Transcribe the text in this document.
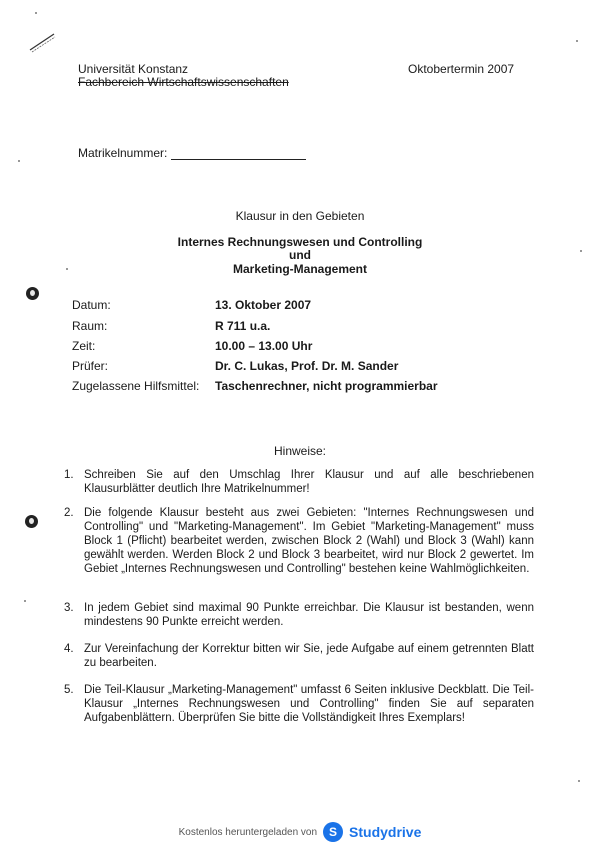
Universität Konstanz
Fachbereich Wirtschaftswissenschaften
Oktobertermin 2007
Matrikelnummer:
Klausur in den Gebieten
Internes Rechnungswesen und Controlling
und
Marketing-Management
Datum:	13. Oktober 2007
Raum:	R 711 u.a.
Zeit:	10.00 – 13.00 Uhr
Prüfer:	Dr. C. Lukas, Prof. Dr. M. Sander
Zugelassene Hilfsmittel: Taschenrechner, nicht programmierbar
Hinweise:
1. Schreiben Sie auf den Umschlag Ihrer Klausur und auf alle beschriebenen Klausurblätter deutlich Ihre Matrikelnummer!
2. Die folgende Klausur besteht aus zwei Gebieten: "Internes Rechnungswesen und Controlling" und "Marketing-Management". Im Gebiet "Marketing-Management" muss Block 1 (Pflicht) bearbeitet werden, zwischen Block 2 (Wahl) und Block 3 (Wahl) kann gewählt werden. Werden Block 2 und Block 3 bearbeitet, wird nur Block 2 gewertet. Im Gebiet „Internes Rechnungswesen und Controlling" bestehen keine Wahlmöglichkeiten.
3. In jedem Gebiet sind maximal 90 Punkte erreichbar. Die Klausur ist bestanden, wenn mindestens 90 Punkte erreicht werden.
4. Zur Vereinfachung der Korrektur bitten wir Sie, jede Aufgabe auf einem getrennten Blatt zu bearbeiten.
5. Die Teil-Klausur „Marketing-Management" umfasst 6 Seiten inklusive Deckblatt. Die Teil-Klausur „Internes Rechnungswesen und Controlling" finden Sie auf separaten Aufgabenblättern. Überprüfen Sie bitte die Vollständigkeit Ihres Exemplars!
Kostenlos heruntergeladen von S Studydrive
